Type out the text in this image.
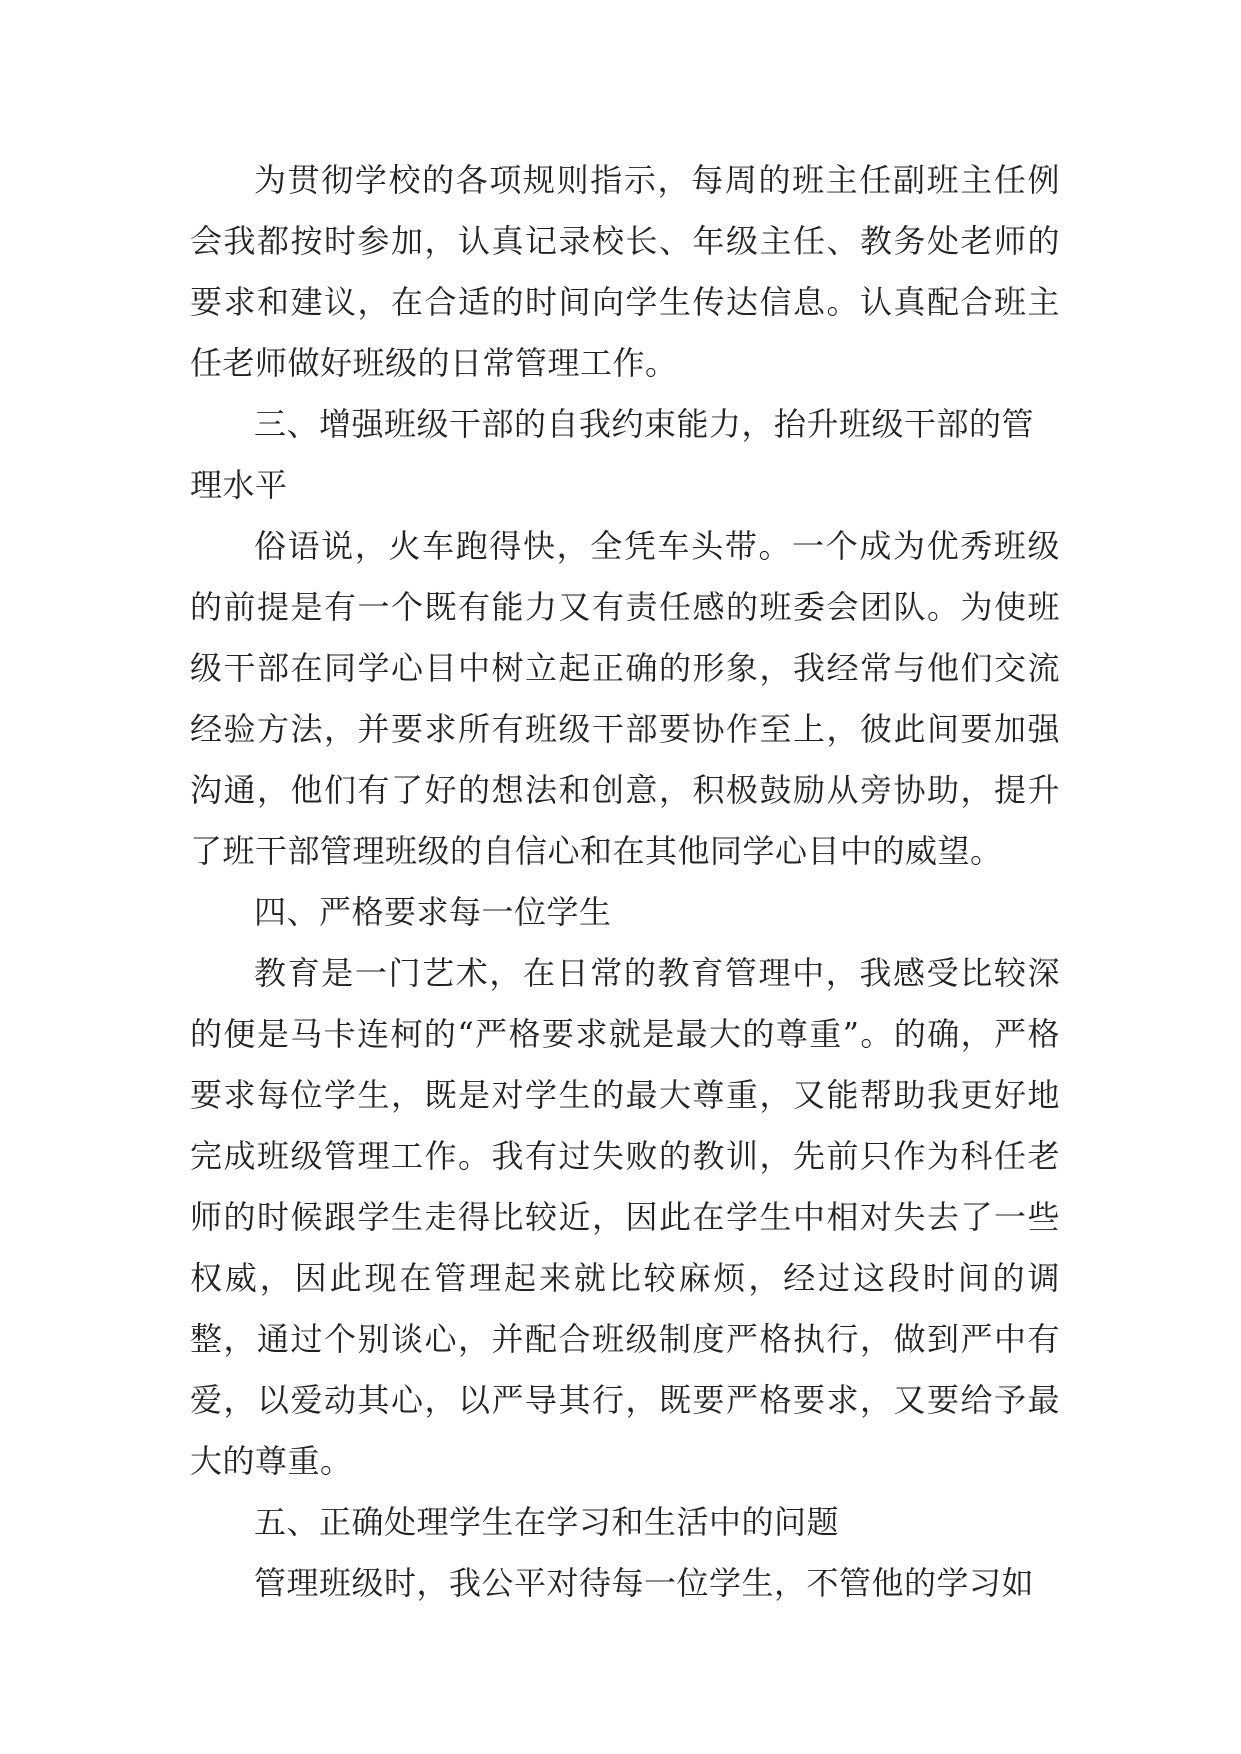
为贯彻学校的各项规则指示，每周的班主任副班主任例会我都按时参加，认真记录校长、年级主任、教务处老师的要求和建议，在合适的时间向学生传达信息。认真配合班主任老师做好班级的日常管理工作。

三、增强班级干部的自我约束能力，抬升班级干部的管理水平

俗语说，火车跑得快，全凭车头带。一个成为优秀班级的前提是有一个既有能力又有责任感的班委会团队。为使班级干部在同学心目中树立起正确的形象，我经常与他们交流经验方法，并要求所有班级干部要协作至上，彼此间要加强沟通，他们有了好的想法和创意，积极鼓励从旁协助，提升了班干部管理班级的自信心和在其他同学心目中的威望。

四、严格要求每一位学生

教育是一门艺术，在日常的教育管理中，我感受比较深的便是马卡连柯的“严格要求就是最大的尊重”。的确，严格要求每位学生，既是对学生的最大尊重，又能帮助我更好地完成班级管理工作。我有过失败的教训，先前只作为科任老师的时候跟学生走得比较近，因此在学生中相对失去了一些权威，因此现在管理起来就比较麻烦，经过这段时间的调整，通过个别谈心，并配合班级制度严格执行，做到严中有爱，以爱动其心，以严导其行，既要严格要求，又要给予最大的尊重。

五、正确处理学生在学习和生活中的问题

管理班级时，我公平对待每一位学生，不管他的学习如
